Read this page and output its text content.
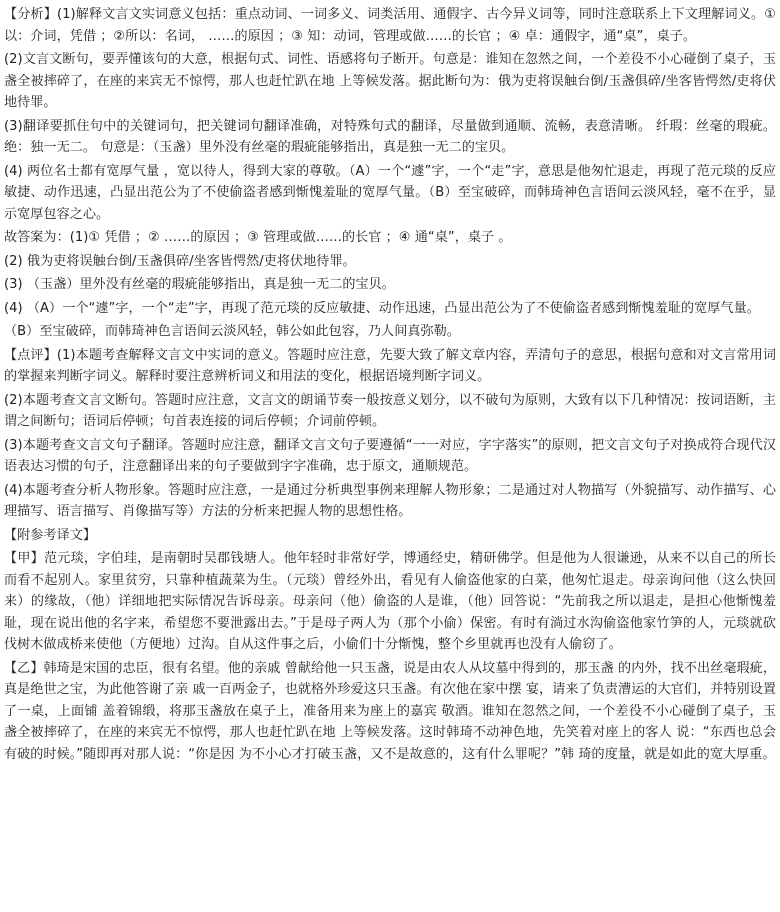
【分析】(1)解释文言文实词意义包括：重点动词、一词多义、词类活用、通假字、古今异义词等，同时注意联系上下文理解词义。① 以：介词，凭借 ；②所以：名词， ……的原因 ；③ 知：动词，管理或做……的长官 ；④ 卓：通假字，通“桌”，桌子。

(2)文言文断句，要弄懂该句的大意，根据句式、词性、语感将句子断开。句意是：谁知在忽然之间，一个差役不小心碰倒了桌子，玉 盏全被摔碎了，在座的来宾无不惊愕，那人也赶忙趴在地 上等候发落。据此断句为：俄为吏将误触台倒/玉盏俱碎/坐客皆愕然/吏将伏地待罪。

(3)翻译要抓住句中的关键词句，把关键词句翻译准确，对特殊句式的翻译，尽量做到通顺、流畅，表意清晰。 纤瑕：丝毫的瑕疵。绝：独一无二。 句意是：（玉盏）里外没有丝毫的瑕疵能够指出，真是独一无二的宝贝。

(4) 两位名士都有宽厚气量 ，宽以待人，得到大家的尊敬。（A）一个“遽”字，一个“走”字，意思是他匆忙退走，再现了范元琰的反应敏捷、动作迅速，凸显出范公为了不使偷盗者感到惭愧羞耻的宽厚气量。（B）至宝破碎，而韩琦神色言语间云淡风轻，毫不在乎，显示宽厚包容之心。

故答案为：(1)① 凭借 ；② ……的原因 ；③ 管理或做……的长官 ；④ 通“桌”，桌子 。

(2) 俄为吏将误触台倒/玉盏俱碎/坐客皆愕然/吏将伏地待罪。

(3) （玉盏）里外没有丝毫的瑕疵能够指出，真是独一无二的宝贝。

(4) （A）一个“遽”字，一个“走”字，再现了范元琰的反应敏捷、动作迅速，凸显出范公为了不使偷盗者感到惭愧羞耻的宽厚气量。

（B）至宝破碎，而韩琦神色言语间云淡风轻，韩公如此包容，乃人间真弥勒。

【点评】(1)本题考查解释文言文中实词的意义。答题时应注意，先要大致了解文章内容，弄清句子的意思，根据句意和对文言常用词的掌握来判断字词义。解释时要注意辨析词义和用法的变化，根据语境判断字词义。

(2)本题考查文言文断句。答题时应注意，文言文的朗诵节奏一般按意义划分，以不破句为原则，大致有以下几种情况：按词语断，主谓之间断句；语词后停顿；句首表连接的词后停顿；介词前停顿。

(3)本题考查文言文句子翻译。答题时应注意，翻译文言文句子要遵循“一一对应，字字落实”的原则，把文言文句子对换成符合现代汉语表达习惯的句子，注意翻译出来的句子要做到字字准确，忠于原文，通顺规范。

(4)本题考查分析人物形象。答题时应注意，一是通过分析典型事例来理解人物形象；二是通过对人物描写（外貌描写、动作描写、心理描写、语言描写、肖像描写等）方法的分析来把握人物的思想性格。

【附参考译文】

【甲】范元琰，字伯珪，是南朝时吴郡钱塘人。他年轻时非常好学，博通经史，精研佛学。但是他为人很谦逊，从来不以自己的所长而看不起别人。家里贫穷，只靠种植蔬菜为生。（元琰）曾经外出，看见有人偷盗他家的白菜，他匆忙退走。母亲询问他（这么快回来）的缘故，（他）详细地把实际情况告诉母亲。母亲问（他）偷盗的人是谁，（他）回答说：“先前我之所以退走，是担心他惭愧羞耻，现在说出他的名字来，希望您不要泄露出去。”于是母子两人为（那个小偷）保密。有时有淌过水沟偷盗他家竹笋的人，元琰就砍伐树木做成桥来使他（方便地）过沟。自从这件事之后，小偷们十分惭愧，整个乡里就再也没有人偷窃了。

【乙】韩琦是宋国的忠臣，很有名望。他的亲戚 曾献给他一只玉盏，说是由农人从坟墓中得到的，那玉盏 的内外，找不出丝毫瑕疵，真是绝世之宝，为此他答谢了亲 戚一百两金子，也就格外珍爱这只玉盏。有次他在家中摆 宴，请来了负责漕运的大官们，并特别设置了一桌，上面铺 盖着锦缎，将那玉盏放在桌子上，准备用来为座上的嘉宾 敬酒。谁知在忽然之间，一个差役不小心碰倒了桌子，玉 盏全被摔碎了，在座的来宾无不惊愕，那人也赶忙趴在地 上等候发落。这时韩琦不动神色地，先笑着对座上的客人 说：“东西也总会有破的时候。”随即再对那人说：“你是因 为不小心才打破玉盏，又不是故意的，这有什么罪呢？”韩 琦的度量，就是如此的宽大厚重。
